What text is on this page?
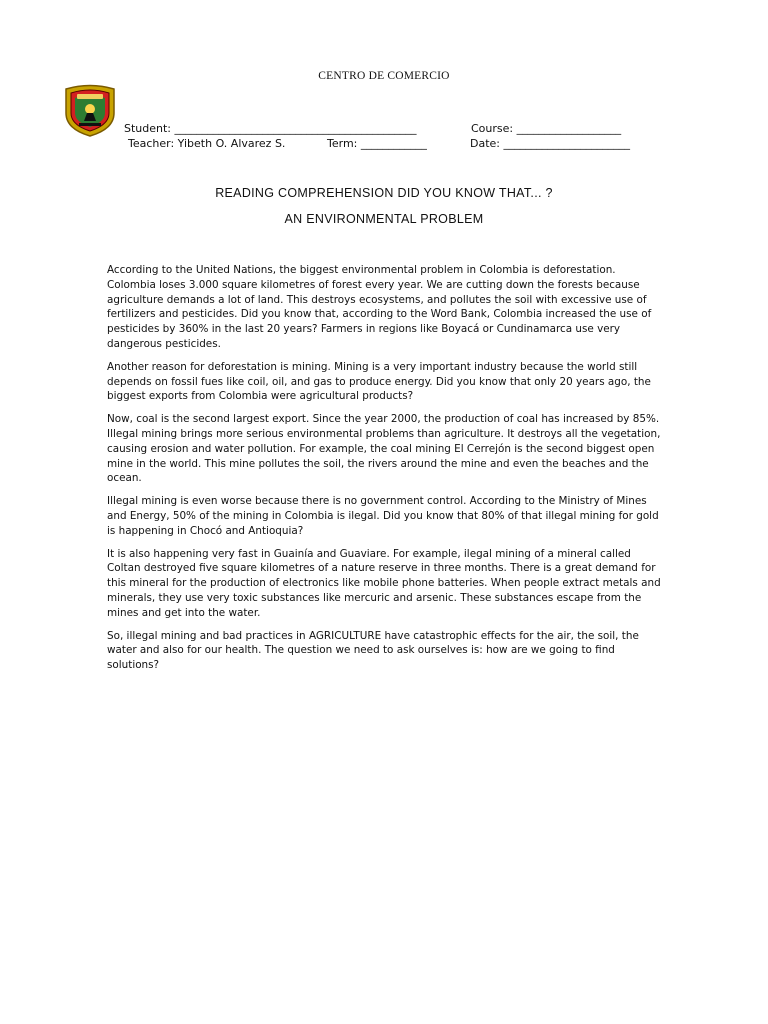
CENTRO DE COMERCIO
Student: ____________________________________________	Course: ___________________
Teacher: Yibeth O. Alvarez S.	Term: ____________	Date: _______________________
READING COMPREHENSION DID YOU KNOW THAT... ?
AN ENVIRONMENTAL PROBLEM

According to the United Nations, the biggest environmental problem in Colombia is deforestation. Colombia loses 3.000 square kilometres of forest every year. We are cutting down the forests because agriculture demands a lot of land. This destroys ecosystems, and pollutes the soil with excessive use of fertilizers and pesticides. Did you know that, according to the Word Bank, Colombia increased the use of pesticides by 360% in the last 20 years? Farmers in regions like Boyacá or Cundinamarca use very dangerous pesticides.

Another reason for deforestation is mining. Mining is a very important industry because the world still depends on fossil fues like coil, oil, and gas to produce energy. Did you know that only 20 years ago, the biggest exports from Colombia were agricultural products?

Now, coal is the second largest export. Since the year 2000, the production of coal has increased by 85%. Illegal mining brings more serious environmental problems than agriculture. It destroys all the vegetation, causing erosion and water pollution. For example, the coal mining El Cerrejón is the second biggest open mine in the world. This mine pollutes the soil, the rivers around the mine and even the beaches and the ocean.

Illegal mining is even worse because there is no government control. According to the Ministry of Mines and Energy, 50% of the mining in Colombia is ilegal. Did you know that 80% of that illegal mining for gold is happening in Chocó and Antioquia?

It is also happening very fast in Guainía and Guaviare. For example, ilegal mining of a mineral called Coltan destroyed five square kilometres of a nature reserve in three months. There is a great demand for this mineral for the production of electronics like mobile phone batteries. When people extract metals and minerals, they use very toxic substances like mercuric and arsenic. These substances escape from the mines and get into the water.

So, illegal mining and bad practices in AGRICULTURE have catastrophic effects for the air, the soil, the water and also for our health. The question we need to ask ourselves is: how are we going to find solutions?
